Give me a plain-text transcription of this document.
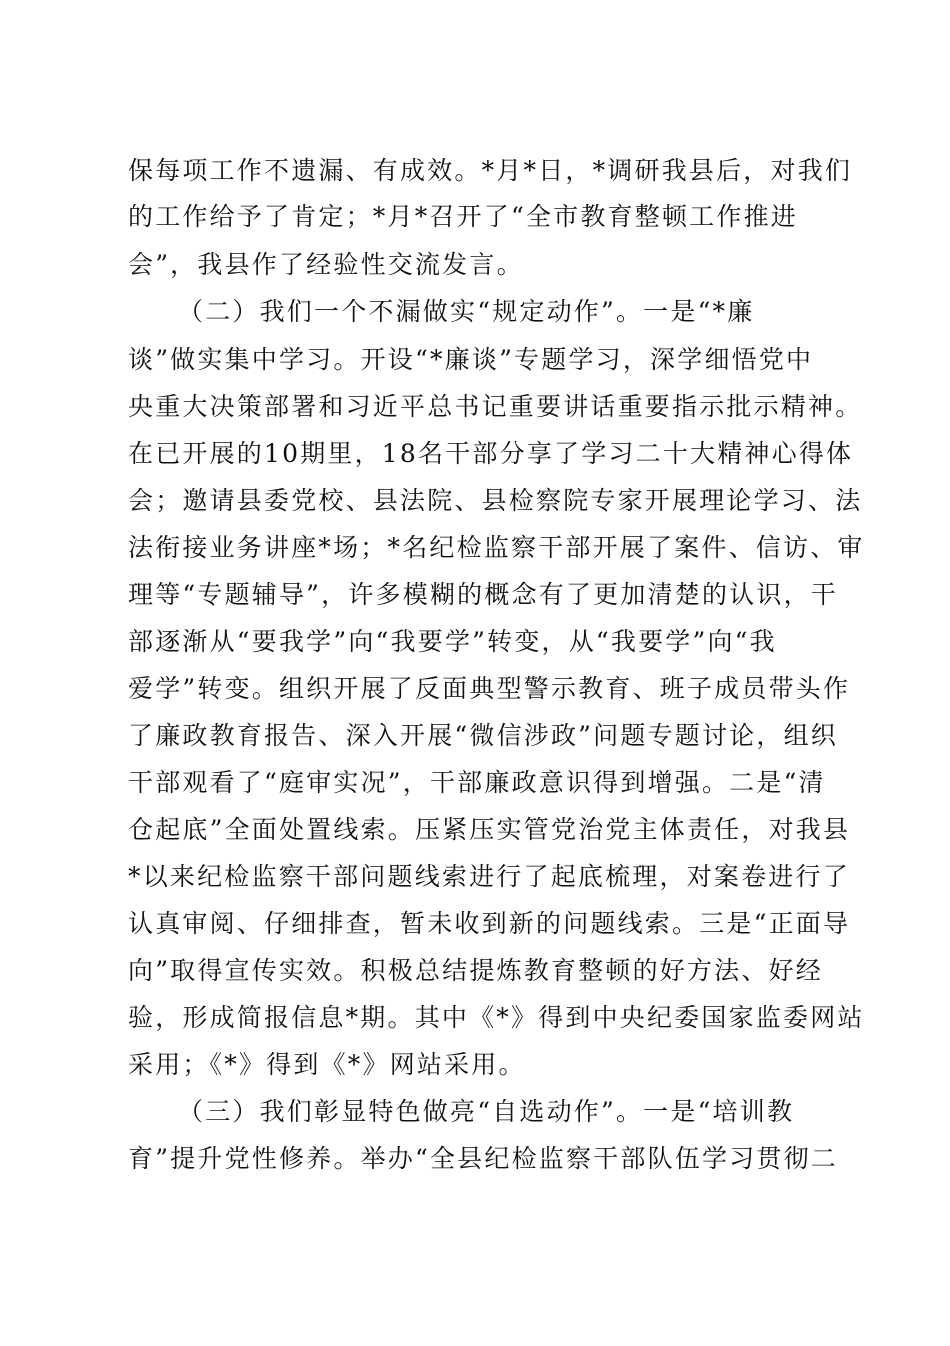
保每项工作不遗漏、有成效。*月*日，*调研我县后，对我们
的工作给予了肯定；*月*召开了“全市教育整顿工作推进
会”，我县作了经验性交流发言。
（二）我们一个不漏做实“规定动作”。一是“*廉
谈”做实集中学习。开设“*廉谈”专题学习，深学细悟党中
央重大决策部署和习近平总书记重要讲话重要指示批示精神。
在已开展的10期里，18名干部分享了学习二十大精神心得体
会；邀请县委党校、县法院、县检察院专家开展理论学习、法
法衔接业务讲座*场；*名纪检监察干部开展了案件、信访、审
理等“专题辅导”，许多模糊的概念有了更加清楚的认识，干
部逐渐从“要我学”向“我要学”转变，从“我要学”向“我
爱学”转变。组织开展了反面典型警示教育、班子成员带头作
了廉政教育报告、深入开展“微信涉政”问题专题讨论，组织
干部观看了“庭审实况”，干部廉政意识得到增强。二是“清
仓起底”全面处置线索。压紧压实管党治党主体责任，对我县
*以来纪检监察干部问题线索进行了起底梳理，对案卷进行了
认真审阅、仔细排查，暂未收到新的问题线索。三是“正面导
向”取得宣传实效。积极总结提炼教育整顿的好方法、好经
验，形成简报信息*期。其中《*》得到中央纪委国家监委网站
采用；《*》得到《*》网站采用。
（三）我们彰显特色做亮“自选动作”。一是“培训教
育”提升党性修养。举办“全县纪检监察干部队伍学习贯彻二
